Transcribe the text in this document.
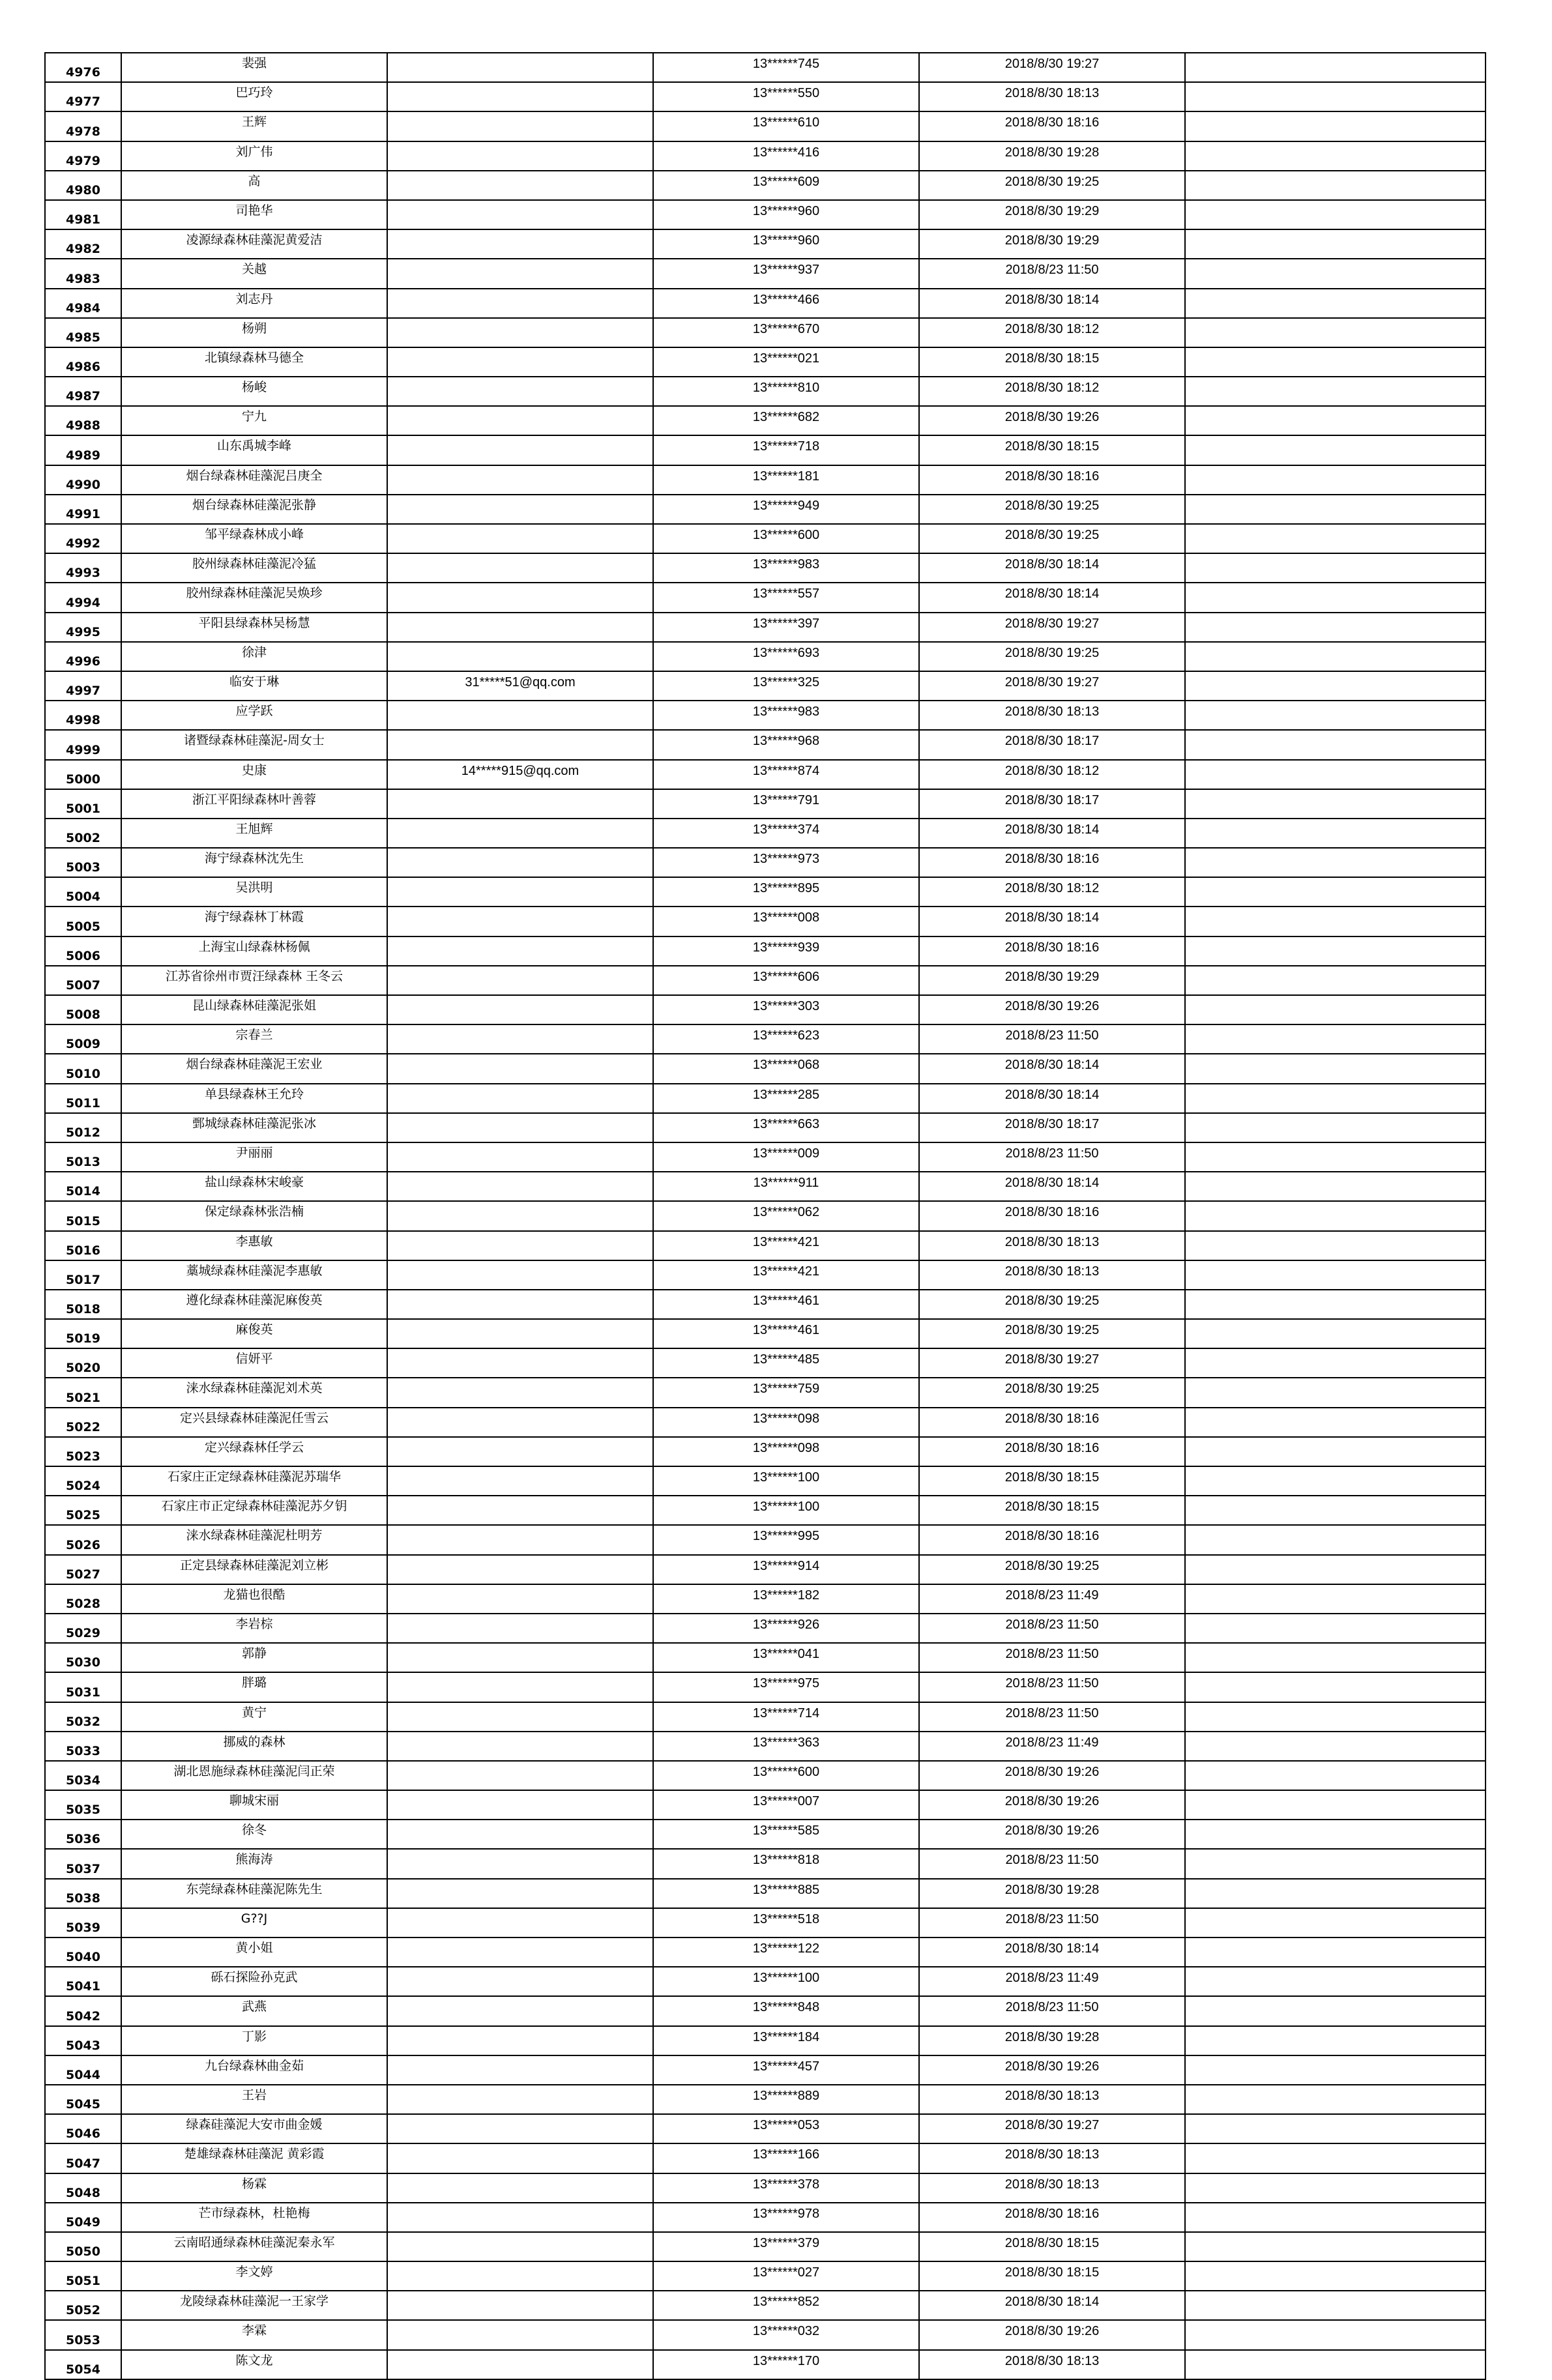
4976	裴强		13******745	2018/8/30 19:27	
4977	巴巧玲		13******550	2018/8/30 18:13	
4978	王辉		13******610	2018/8/30 18:16	
4979	刘广伟		13******416	2018/8/30 19:28	
4980	高		13******609	2018/8/30 19:25	
4981	司艳华		13******960	2018/8/30 19:29	
4982	凌源绿森林硅藻泥黄爱洁		13******960	2018/8/30 19:29	
4983	关越		13******937	2018/8/23 11:50	
4984	刘志丹		13******466	2018/8/30 18:14	
4985	杨朔		13******670	2018/8/30 18:12	
4986	北镇绿森林马德全		13******021	2018/8/30 18:15	
4987	杨峻		13******810	2018/8/30 18:12	
4988	宁九		13******682	2018/8/30 19:26	
4989	山东禹城李峰		13******718	2018/8/30 18:15	
4990	烟台绿森林硅藻泥吕庚全		13******181	2018/8/30 18:16	
4991	烟台绿森林硅藻泥张静		13******949	2018/8/30 19:25	
4992	邹平绿森林成小峰		13******600	2018/8/30 19:25	
4993	胶州绿森林硅藻泥冷猛		13******983	2018/8/30 18:14	
4994	胶州绿森林硅藻泥吴焕珍		13******557	2018/8/30 18:14	
4995	平阳县绿森林吴杨慧		13******397	2018/8/30 19:27	
4996	徐津		13******693	2018/8/30 19:25	
4997	临安于琳	31*****51@qq.com	13******325	2018/8/30 19:27	
4998	应学跃		13******983	2018/8/30 18:13	
4999	诸暨绿森林硅藻泥-周女士		13******968	2018/8/30 18:17	
5000	史康	14*****915@qq.com	13******874	2018/8/30 18:12	
5001	浙江平阳绿森林叶善蓉		13******791	2018/8/30 18:17	
5002	王旭辉		13******374	2018/8/30 18:14	
5003	海宁绿森林沈先生		13******973	2018/8/30 18:16	
5004	吴洪明		13******895	2018/8/30 18:12	
5005	海宁绿森林丁林霞		13******008	2018/8/30 18:14	
5006	上海宝山绿森林杨佩		13******939	2018/8/30 18:16	
5007	江苏省徐州市贾汪绿森林 王冬云		13******606	2018/8/30 19:29	
5008	昆山绿森林硅藻泥张姐		13******303	2018/8/30 19:26	
5009	宗春兰		13******623	2018/8/23 11:50	
5010	烟台绿森林硅藻泥王宏业		13******068	2018/8/30 18:14	
5011	单县绿森林王允玲		13******285	2018/8/30 18:14	
5012	鄄城绿森林硅藻泥张冰		13******663	2018/8/30 18:17	
5013	尹丽丽		13******009	2018/8/23 11:50	
5014	盐山绿森林宋峻豪		13******911	2018/8/30 18:14	
5015	保定绿森林张浩楠		13******062	2018/8/30 18:16	
5016	李惠敏		13******421	2018/8/30 18:13	
5017	藁城绿森林硅藻泥李惠敏		13******421	2018/8/30 18:13	
5018	遵化绿森林硅藻泥麻俊英		13******461	2018/8/30 19:25	
5019	麻俊英		13******461	2018/8/30 19:25	
5020	信妍平		13******485	2018/8/30 19:27	
5021	涞水绿森林硅藻泥刘术英		13******759	2018/8/30 19:25	
5022	定兴县绿森林硅藻泥任雪云		13******098	2018/8/30 18:16	
5023	定兴绿森林任学云		13******098	2018/8/30 18:16	
5024	石家庄正定绿森林硅藻泥苏瑞华		13******100	2018/8/30 18:15	
5025	石家庄市正定绿森林硅藻泥苏夕钥		13******100	2018/8/30 18:15	
5026	涞水绿森林硅藻泥杜明芳		13******995	2018/8/30 18:16	
5027	正定县绿森林硅藻泥刘立彬		13******914	2018/8/30 19:25	
5028	龙猫也很酷		13******182	2018/8/23 11:49	
5029	李岩棕		13******926	2018/8/23 11:50	
5030	郭静		13******041	2018/8/23 11:50	
5031	胖璐		13******975	2018/8/23 11:50	
5032	黄宁		13******714	2018/8/23 11:50	
5033	挪威的森林		13******363	2018/8/23 11:49	
5034	湖北恩施绿森林硅藻泥闫正荣		13******600	2018/8/30 19:26	
5035	聊城宋丽		13******007	2018/8/30 19:26	
5036	徐冬		13******585	2018/8/30 19:26	
5037	熊海涛		13******818	2018/8/23 11:50	
5038	东莞绿森林硅藻泥陈先生		13******885	2018/8/30 19:28	
5039	G??J		13******518	2018/8/23 11:50	
5040	黄小姐		13******122	2018/8/30 18:14	
5041	砾石探险孙克武		13******100	2018/8/23 11:49	
5042	武燕		13******848	2018/8/23 11:50	
5043	丁影		13******184	2018/8/30 19:28	
5044	九台绿森林曲金茹		13******457	2018/8/30 19:26	
5045	王岩		13******889	2018/8/30 18:13	
5046	绿森硅藻泥大安市曲金媛		13******053	2018/8/30 19:27	
5047	楚雄绿森林硅藻泥 黄彩霞		13******166	2018/8/30 18:13	
5048	杨霖		13******378	2018/8/30 18:13	
5049	芒市绿森林，杜艳梅		13******978	2018/8/30 18:16	
5050	云南昭通绿森林硅藻泥秦永军		13******379	2018/8/30 18:15	
5051	李文婷		13******027	2018/8/30 18:15	
5052	龙陵绿森林硅藻泥一王家学		13******852	2018/8/30 18:14	
5053	李霖		13******032	2018/8/30 19:26	
5054	陈文龙		13******170	2018/8/30 18:13	
